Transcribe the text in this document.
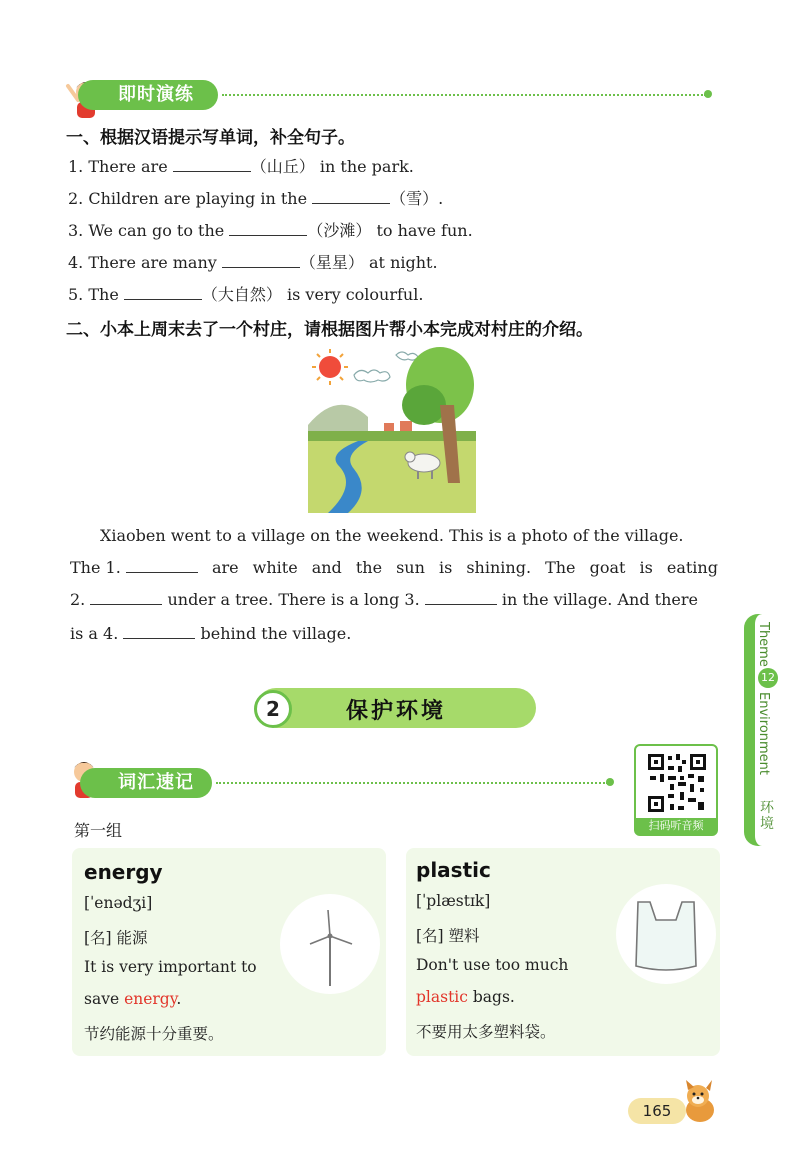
即时演练
一、根据汉语提示写单词，补全句子。
1. There are	（山丘） in the park.
2. Children are playing in the	（雪）.
3. We can go to the	（沙滩） to have fun.
4. There are many	（星星） at night.
5. The	（大自然） is very colourful.
二、小本上周末去了一个村庄，请根据图片帮小本完成对村庄的介绍。
Xiaoben went to a village on the weekend. This is a photo of the village.
The 1.	are white and the sun is shining. The goat is eating
2.	under a tree. There is a long 3.	in the village. And there
is a 4.	behind the village.
2	保护环境
词汇速记
扫码听音频
第一组
energy
[ˈenədʒi]
[名] 能源
It is very important to
save energy.
节约能源十分重要。
plastic
[ˈplæstɪk]
[名] 塑料
Don't use too much
plastic bags.
不要用太多塑料袋。
Theme
12
Environment
环境
165
